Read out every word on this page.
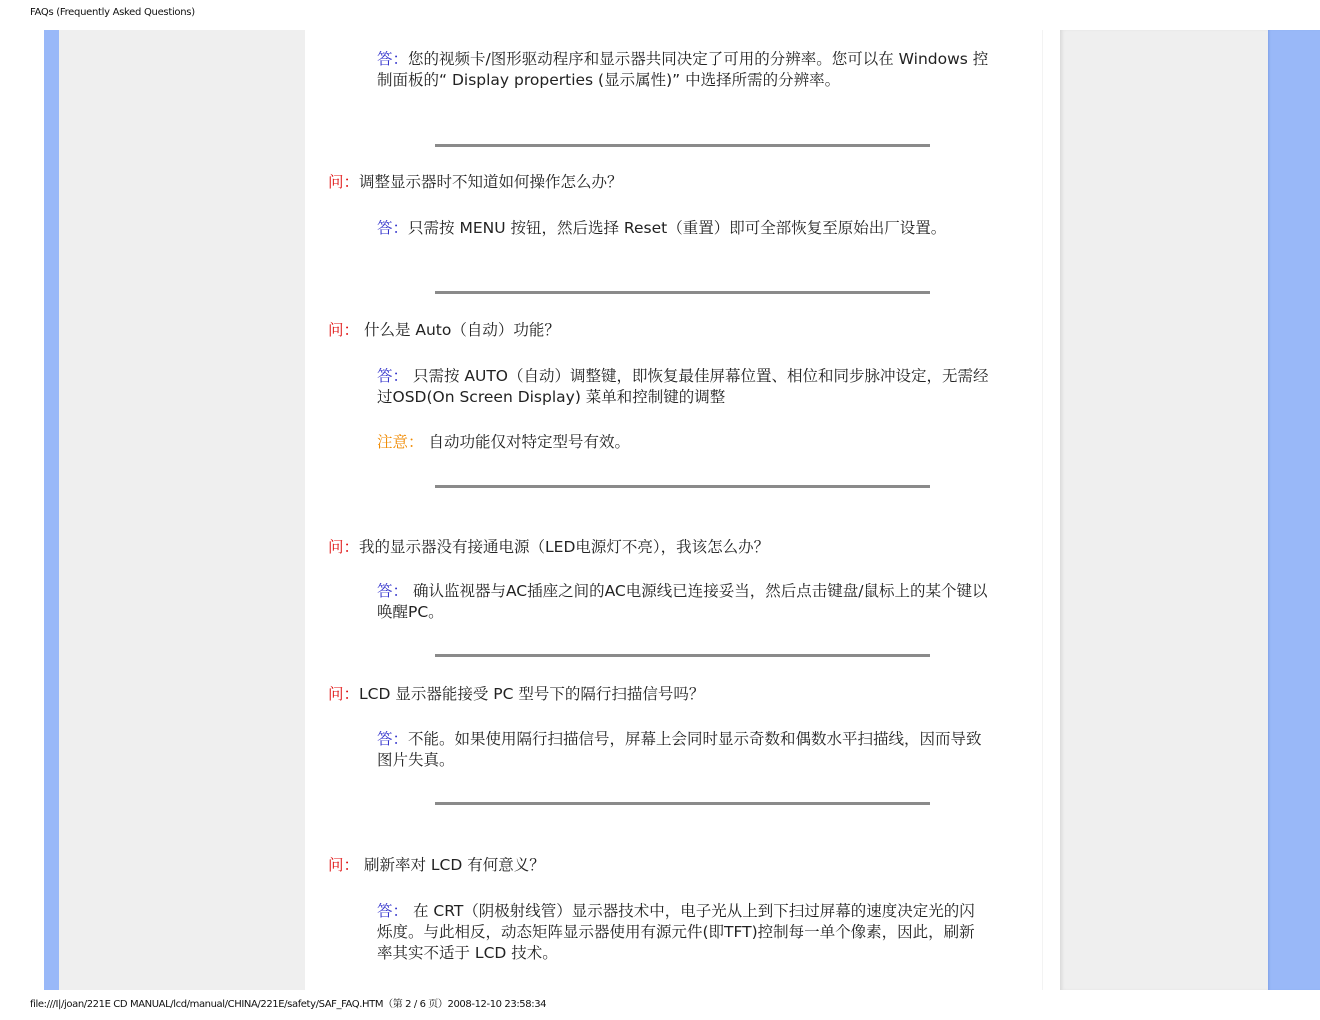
FAQs (Frequently Asked Questions)

答：您的视频卡/图形驱动程序和显示器共同决定了可用的分辨率。您可以在 Windows 控制面板的“ Display properties (显示属性)” 中选择所需的分辨率。

问：调整显示器时不知道如何操作怎么办？

答：只需按 MENU 按钮，然后选择 Reset（重置）即可全部恢复至原始出厂设置。

问： 什么是 Auto（自动）功能？

答： 只需按 AUTO（自动）调整键，即恢复最佳屏幕位置、相位和同步脉冲设定，无需经过OSD(On Screen Display) 菜单和控制键的调整

注意： 自动功能仅对特定型号有效。

问：我的显示器没有接通电源（LED电源灯不亮），我该怎么办？

答： 确认监视器与AC插座之间的AC电源线已连接妥当，然后点击键盘/鼠标上的某个键以唤醒PC。

问：LCD 显示器能接受 PC 型号下的隔行扫描信号吗？

答：不能。如果使用隔行扫描信号，屏幕上会同时显示奇数和偶数水平扫描线，因而导致图片失真。

问： 刷新率对 LCD 有何意义？

答： 在 CRT（阴极射线管）显示器技术中，电子光从上到下扫过屏幕的速度决定光的闪烁度。与此相反，动态矩阵显示器使用有源元件(即TFT)控制每一单个像素，因此，刷新率其实不适于 LCD 技术。

file:///I|/joan/221E CD MANUAL/lcd/manual/CHINA/221E/safety/SAF_FAQ.HTM（第 2 / 6 页）2008-12-10 23:58:34
